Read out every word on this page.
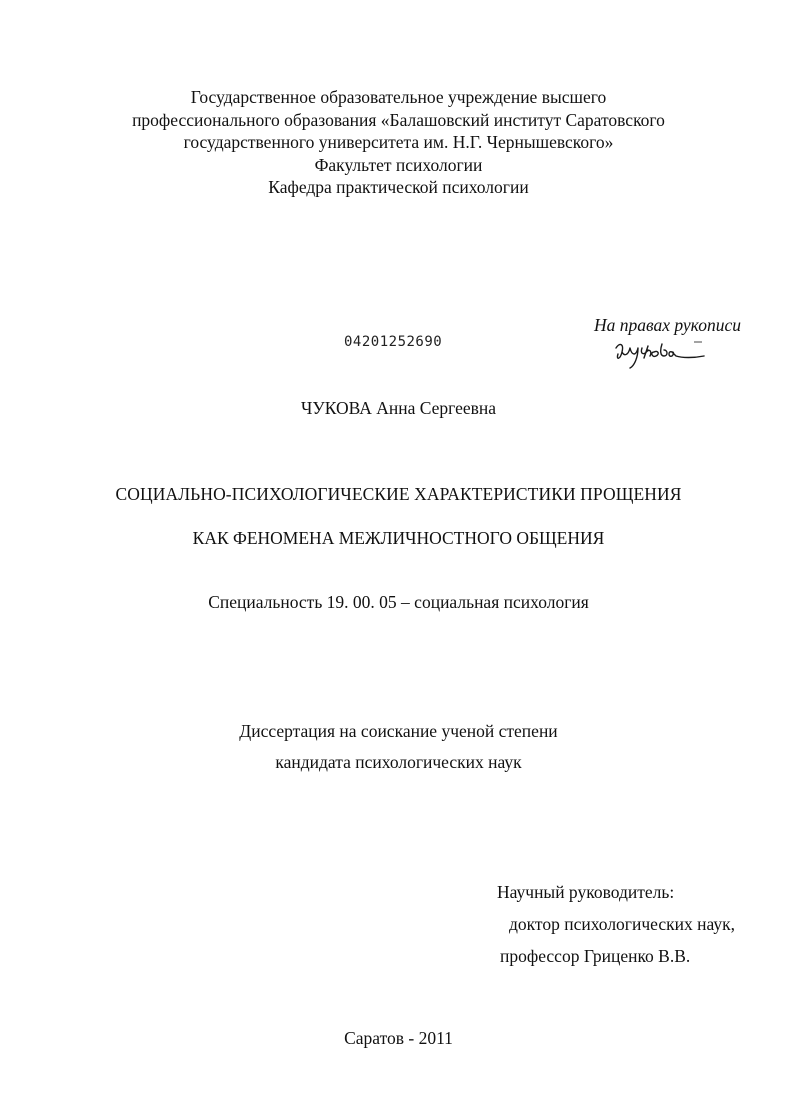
Государственное образовательное учреждение высшего
профессионального образования «Балашовский институт Саратовского
государственного университета им. Н.Г. Чернышевского»
Факультет психологии
Кафедра практической психологии
04201252690
На правах рукописи
ЧУКОВА Анна Сергеевна
СОЦИАЛЬНО-ПСИХОЛОГИЧЕСКИЕ ХАРАКТЕРИСТИКИ ПРОЩЕНИЯ
КАК ФЕНОМЕНА МЕЖЛИЧНОСТНОГО ОБЩЕНИЯ
Специальность 19. 00. 05 – социальная психология
Диссертация на соискание ученой степени
кандидата психологических наук
Научный руководитель:
доктор психологических наук,
профессор Гриценко В.В.
Саратов - 2011
